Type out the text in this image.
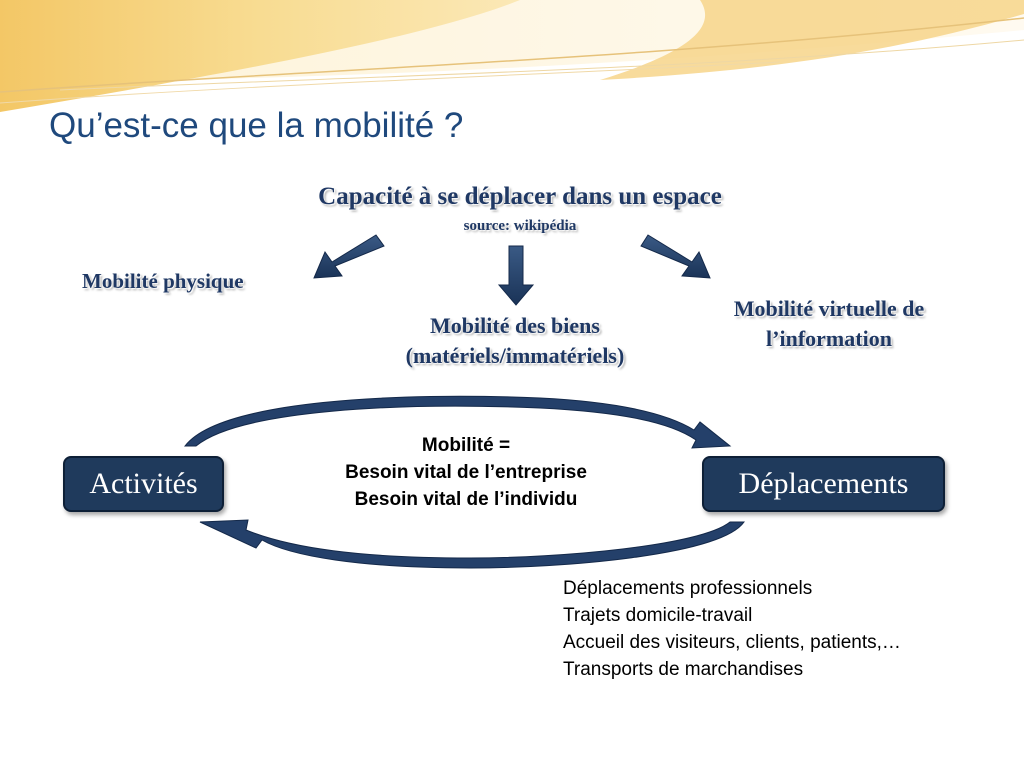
Qu’est-ce que la mobilité ?
Capacité à se déplacer dans un espace
source: wikipédia
Mobilité physique
Mobilité des biens
(matériels/immatériels)
Mobilité virtuelle de
l’information
Activités	Déplacements
Mobilité =
Besoin vital de l’entreprise
Besoin vital de l’individu
Déplacements professionnels
Trajets domicile-travail
Accueil des visiteurs, clients, patients,…
Transports de marchandises
